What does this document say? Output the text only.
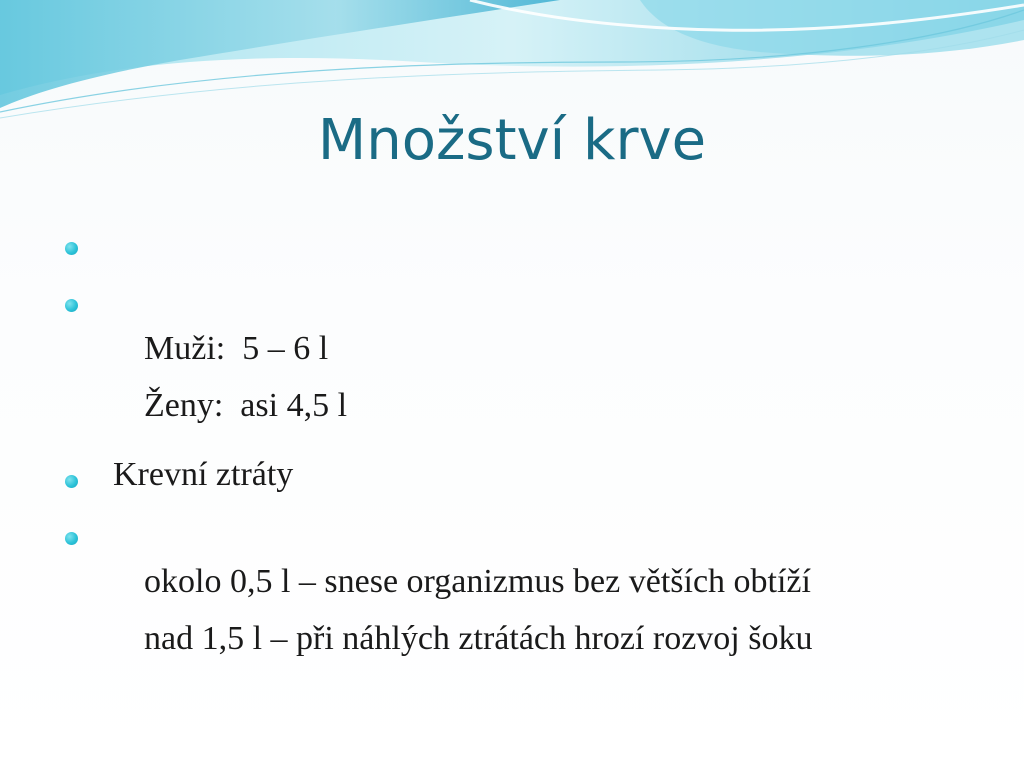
Množství krve

Muži:  5 – 6 l

Ženy:  asi 4,5 l

Krevní ztráty

okolo 0,5 l – snese organizmus bez větších obtíží

nad 1,5 l – při náhlých ztrátách hrozí rozvoj šoku
